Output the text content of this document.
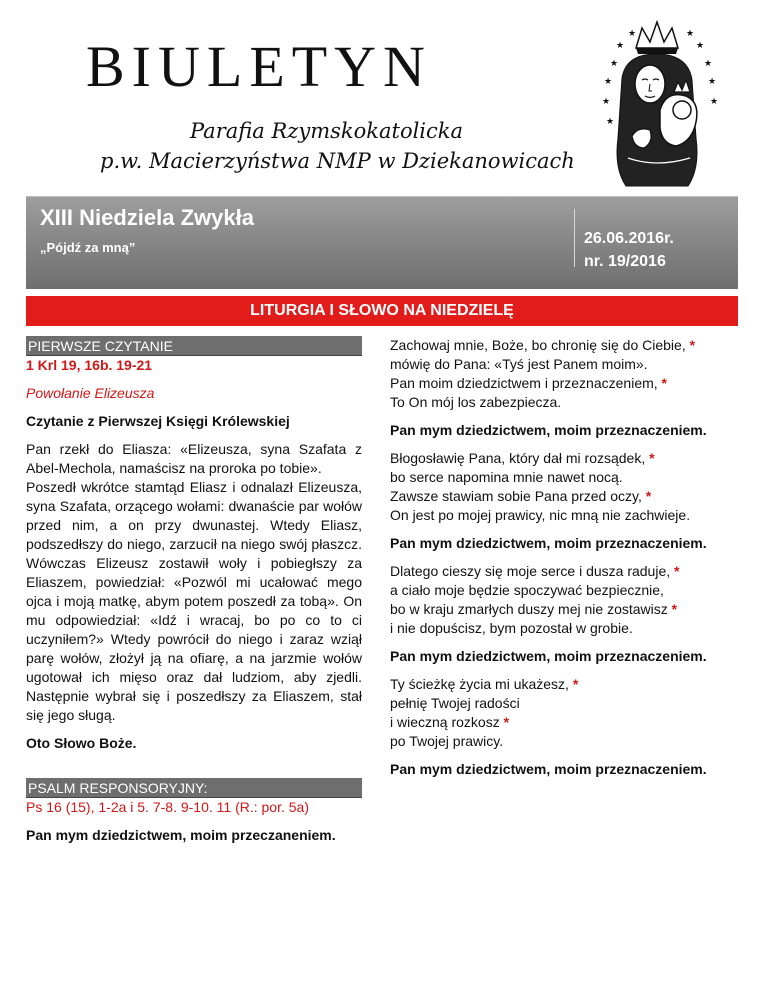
BIULETYN
Parafia Rzymskokatolicka
p.w. Macierzyństwa NMP w Dziekanowicach
★
★
★
★
★	★
★
★
★
★	★
XIII Niedziela Zwykła
„Pójdź za mną”
26.06.2016r.
nr. 19/2016
LITURGIA I SŁOWO NA NIEDZIELĘ
PIERWSZE CZYTANIE
1 Krl 19, 16b. 19-21
Powołanie Elizeusza
Czytanie z Pierwszej Księgi Królewskiej
Pan rzekł do Eliasza: «Elizeusza, syna Szafata z Abel-Mechola, namaścisz na proroka po tobie».
Poszedł wkrótce stamtąd Eliasz i odnalazł Elizeusza, syna Szafata, orzącego wołami: dwanaście par wołów przed nim, a on przy dwunastej. Wtedy Eliasz, podszedłszy do niego, zarzucił na niego swój płaszcz. Wówczas Elizeusz zostawił woły i pobiegłszy za Eliaszem, powiedział: «Pozwól mi ucałować mego ojca i moją matkę, abym potem poszedł za tobą». On mu odpowiedział: «Idź i wracaj, bo po co to ci uczyniłem?» Wtedy powrócił do niego i zaraz wziął parę wołów, złożył ją na ofiarę, a na jarzmie wołów ugotował ich mięso oraz dał ludziom, aby zjedli. Następnie wybrał się i poszedłszy za Eliaszem, stał się jego sługą.
Oto Słowo Boże.
PSALM RESPONSORYJNY:
Ps 16 (15), 1-2a i 5. 7-8. 9-10. 11 (R.: por. 5a)
Pan mym dziedzictwem, moim przeczaneniem.
Zachowaj mnie, Boże, bo chronię się do Ciebie, *
mówię do Pana: «Tyś jest Panem moim».
Pan moim dziedzictwem i przeznaczeniem, *
To On mój los zabezpiecza.
Pan mym dziedzictwem, moim przeznaczeniem.
Błogosławię Pana, który dał mi rozsądek, *
bo serce napomina mnie nawet nocą.
Zawsze stawiam sobie Pana przed oczy, *
On jest po mojej prawicy, nic mną nie zachwieje.
Pan mym dziedzictwem, moim przeznaczeniem.
Dlatego cieszy się moje serce i dusza raduje, *
a ciało moje będzie spoczywać bezpiecznie,
bo w kraju zmarłych duszy mej nie zostawisz *
i nie dopuścisz, bym pozostał w grobie.
Pan mym dziedzictwem, moim przeznaczeniem.
Ty ścieżkę życia mi ukażesz, *
pełnię Twojej radości
i wieczną rozkosz *
po Twojej prawicy.
Pan mym dziedzictwem, moim przeznaczeniem.
